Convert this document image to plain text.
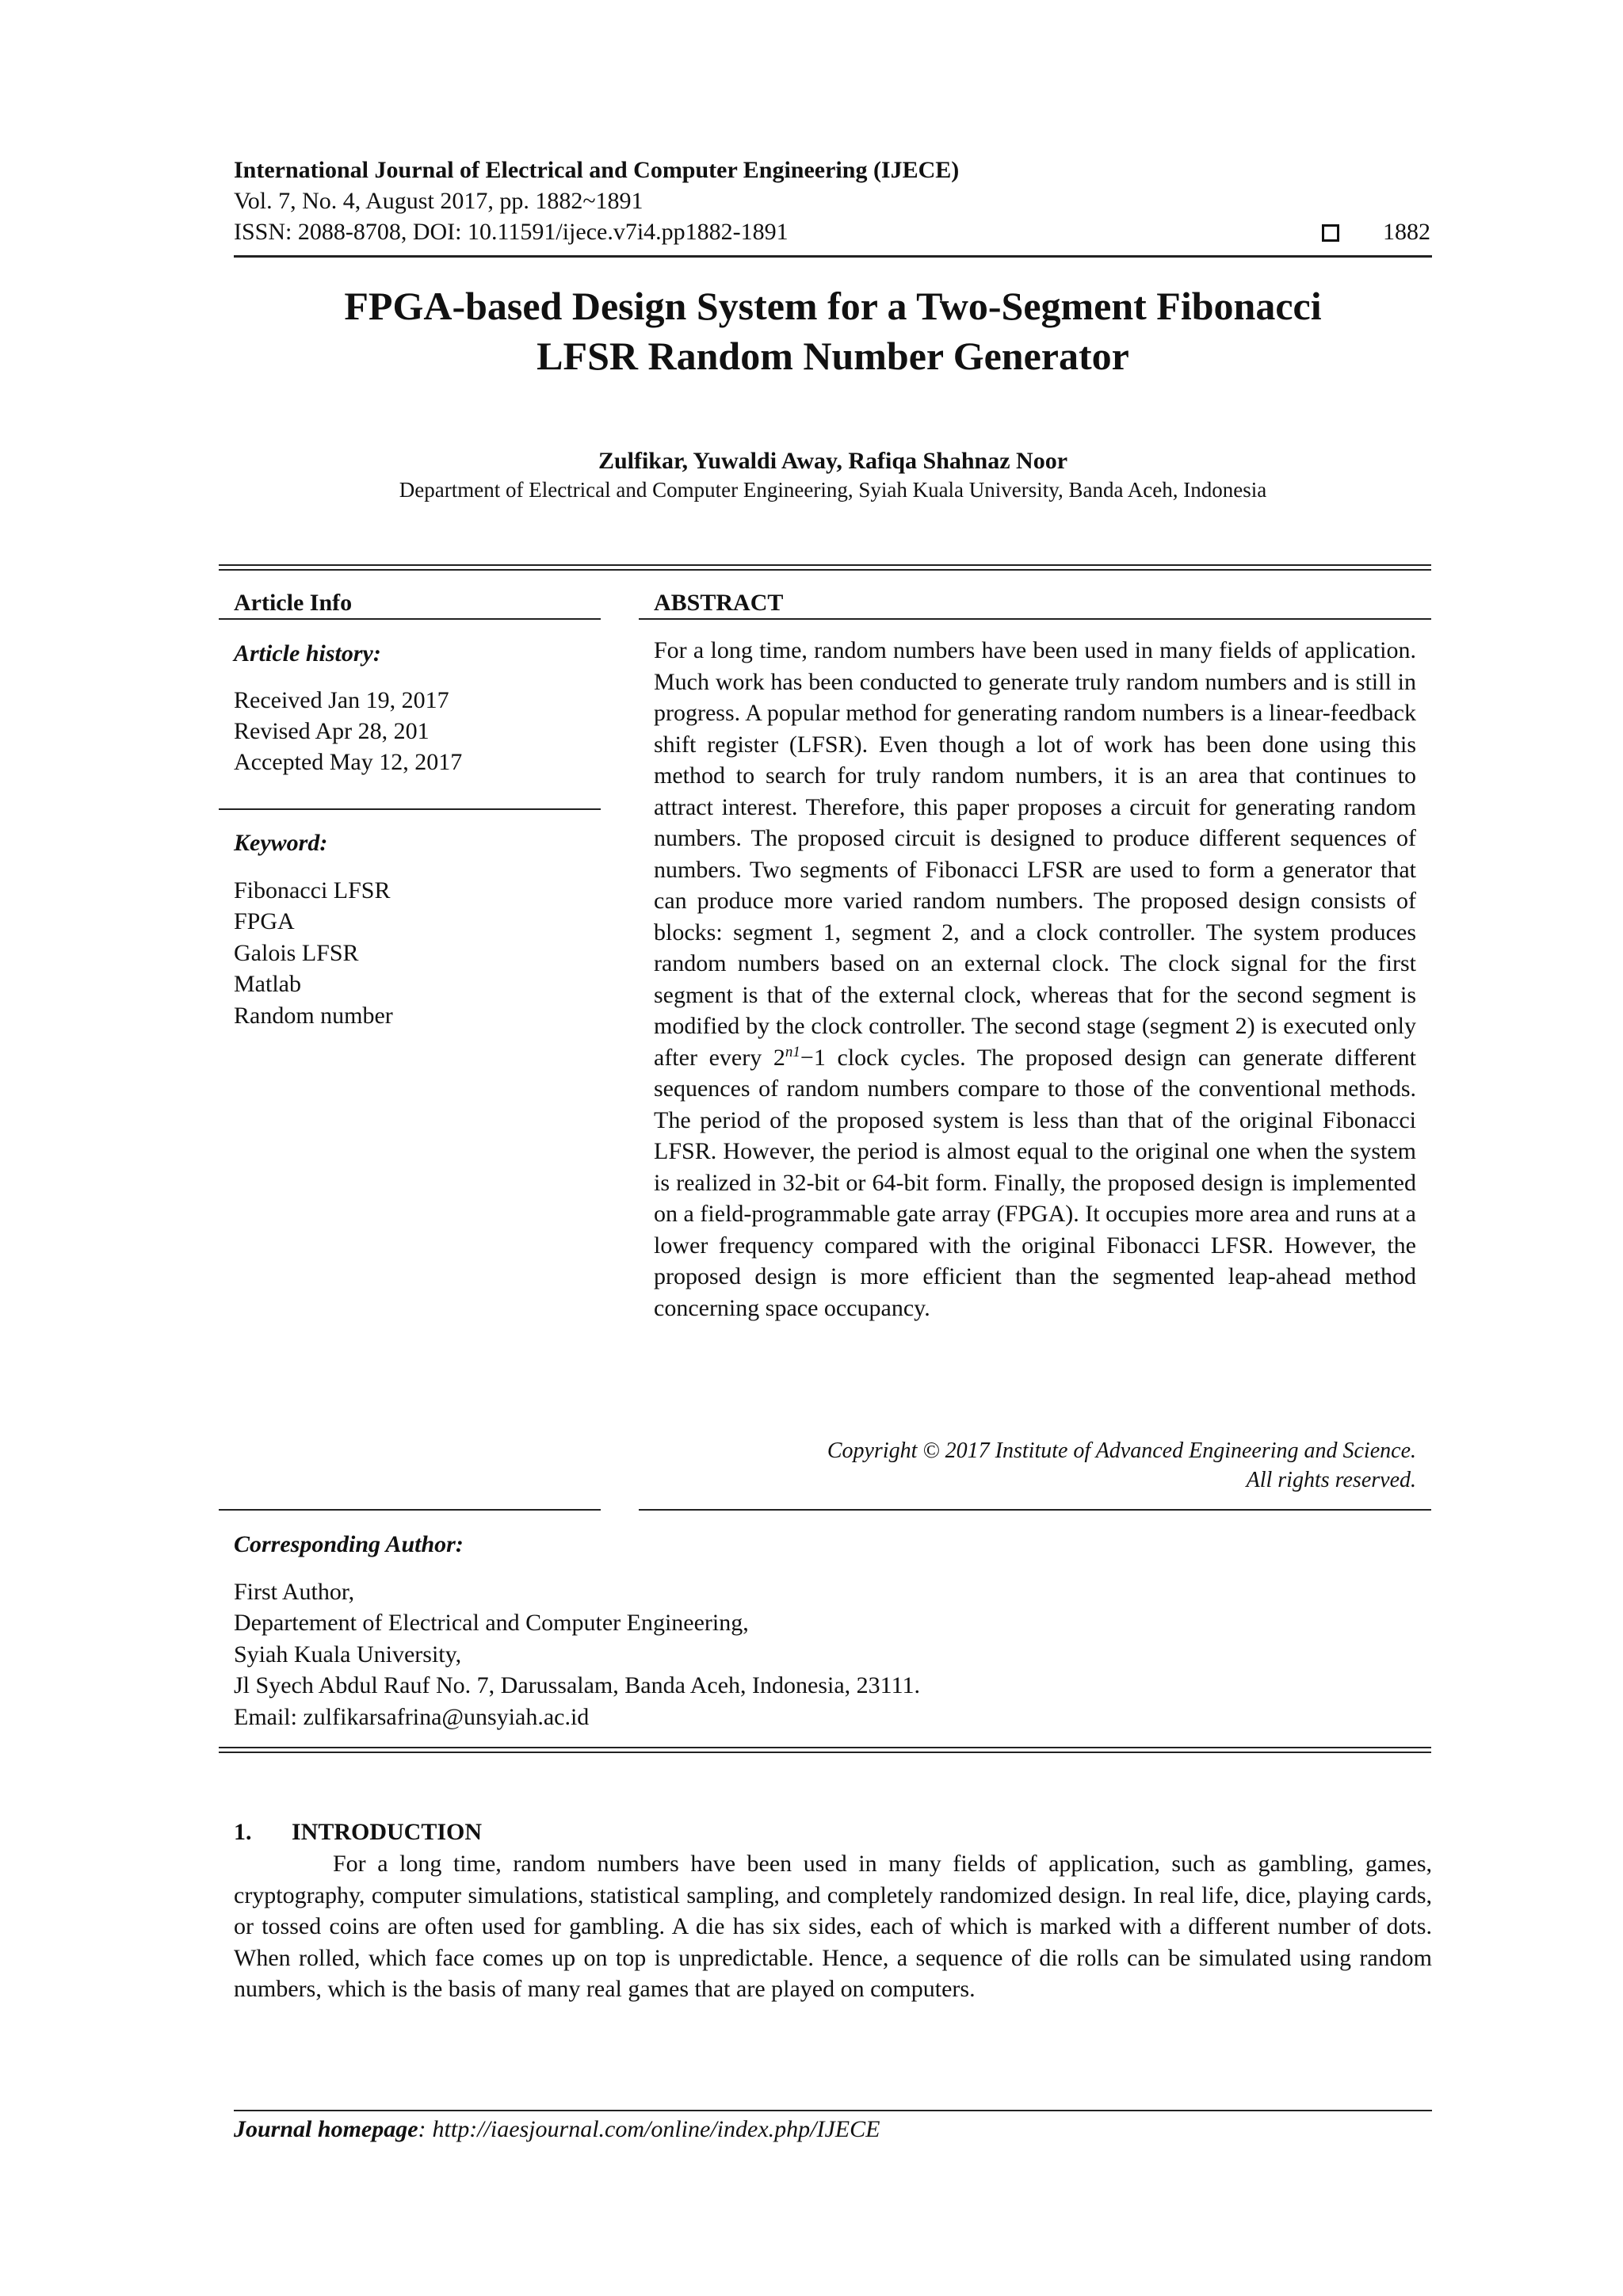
International Journal of Electrical and Computer Engineering (IJECE)
Vol. 7, No. 4, August 2017, pp. 1882~1891
ISSN: 2088-8708, DOI: 10.11591/ijece.v7i4.pp1882-1891	1882
FPGA-based Design System for a Two-Segment Fibonacci
LFSR Random Number Generator
Zulfikar, Yuwaldi Away, Rafiqa Shahnaz Noor
Department of Electrical and Computer Engineering, Syiah Kuala University, Banda Aceh, Indonesia
Article Info
Article history:
Received Jan 19, 2017
Revised Apr 28, 201
Accepted May 12, 2017
Keyword:
Fibonacci LFSR
FPGA
Galois LFSR
Matlab
Random number
ABSTRACT
For a long time, random numbers have been used in many fields of application. Much work has been conducted to generate truly random numbers and is still in progress. A popular method for generating random numbers is a linear-feedback shift register (LFSR). Even though a lot of work has been done using this method to search for truly random numbers, it is an area that continues to attract interest. Therefore, this paper proposes a circuit for generating random numbers. The proposed circuit is designed to produce different sequences of numbers. Two segments of Fibonacci LFSR are used to form a generator that can produce more varied random numbers. The proposed design consists of blocks: segment 1, segment 2, and a clock controller. The system produces random numbers based on an external clock. The clock signal for the first segment is that of the external clock, whereas that for the second segment is modified by the clock controller. The second stage (segment 2) is executed only after every $2^{n1}-1$ clock cycles. The proposed design can generate different sequences of random numbers compare to those of the conventional methods. The period of the proposed system is less than that of the original Fibonacci LFSR. However, the period is almost equal to the original one when the system is realized in 32-bit or 64-bit form. Finally, the proposed design is implemented on a field-programmable gate array (FPGA). It occupies more area and runs at a lower frequency compared with the original Fibonacci LFSR. However, the proposed design is more efficient than the segmented leap-ahead method concerning space occupancy.
Copyright © 2017 Institute of Advanced Engineering and Science.
All rights reserved.
Corresponding Author:
First Author,
Departement of Electrical and Computer Engineering,
Syiah Kuala University,
Jl Syech Abdul Rauf No. 7, Darussalam, Banda Aceh, Indonesia, 23111.
Email: zulfikarsafrina@unsyiah.ac.id
1. INTRODUCTION
For a long time, random numbers have been used in many fields of application, such as gambling, games, cryptography, computer simulations, statistical sampling, and completely randomized design. In real life, dice, playing cards, or tossed coins are often used for gambling. A die has six sides, each of which is marked with a different number of dots. When rolled, which face comes up on top is unpredictable. Hence, a sequence of die rolls can be simulated using random numbers, which is the basis of many real games that are played on computers.
Journal homepage: http://iaesjournal.com/online/index.php/IJECE
